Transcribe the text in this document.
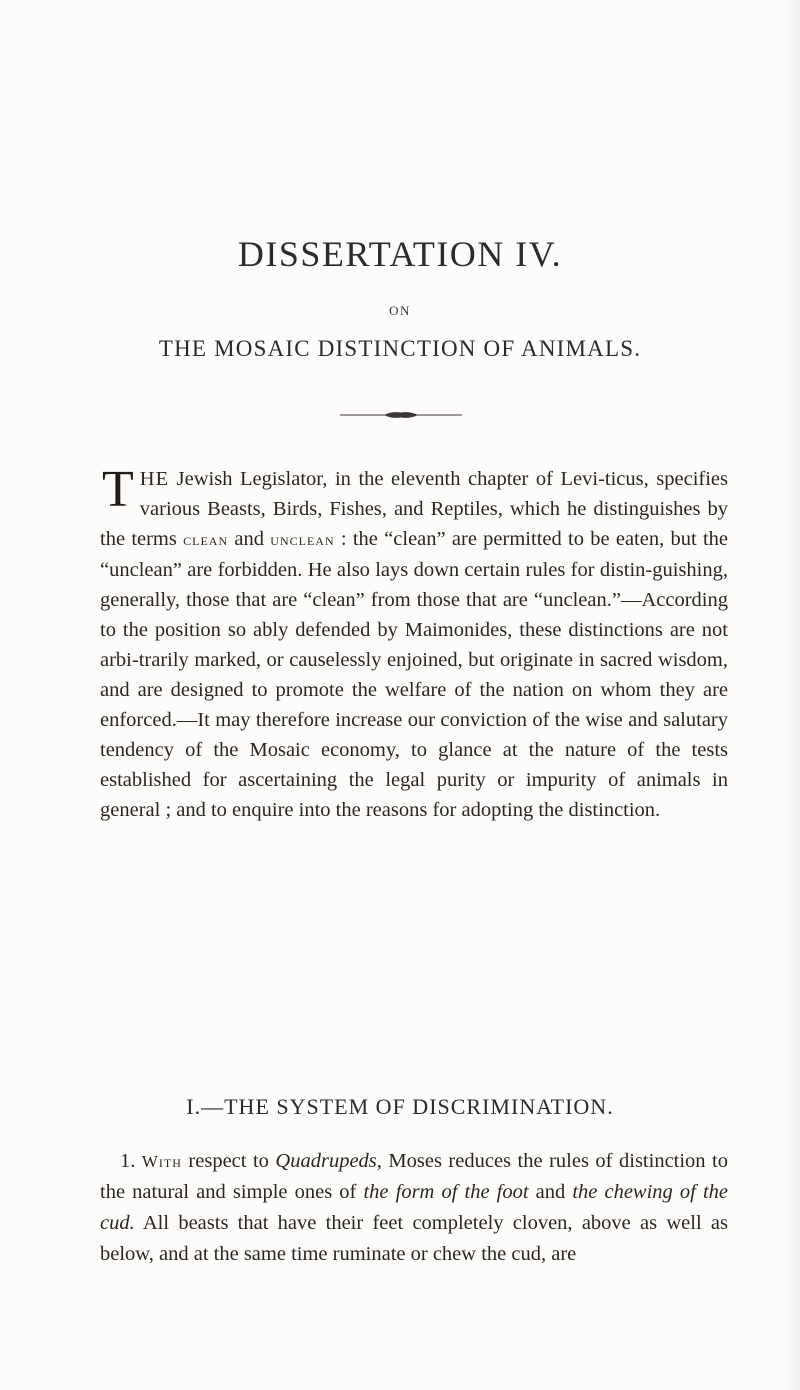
DISSERTATION IV.
ON
THE MOSAIC DISTINCTION OF ANIMALS.
THE Jewish Legislator, in the eleventh chapter of Levi-ticus, specifies various Beasts, Birds, Fishes, and Reptiles, which he distinguishes by the terms clean and unclean : the “clean” are permitted to be eaten, but the “unclean” are forbidden. He also lays down certain rules for distin-guishing, generally, those that are “clean” from those that are “unclean.”—According to the position so ably defended by Maimonides, these distinctions are not arbi-trarily marked, or causelessly enjoined, but originate in sacred wisdom, and are designed to promote the welfare of the nation on whom they are enforced.—It may therefore increase our conviction of the wise and salutary tendency of the Mosaic economy, to glance at the nature of the tests established for ascertaining the legal purity or impurity of animals in general ; and to enquire into the reasons for adopting the distinction.
I.—THE SYSTEM OF DISCRIMINATION.
1. With respect to Quadrupeds, Moses reduces the rules of distinction to the natural and simple ones of the form of the foot and the chewing of the cud. All beasts that have their feet completely cloven, above as well as below, and at the same time ruminate or chew the cud, are
